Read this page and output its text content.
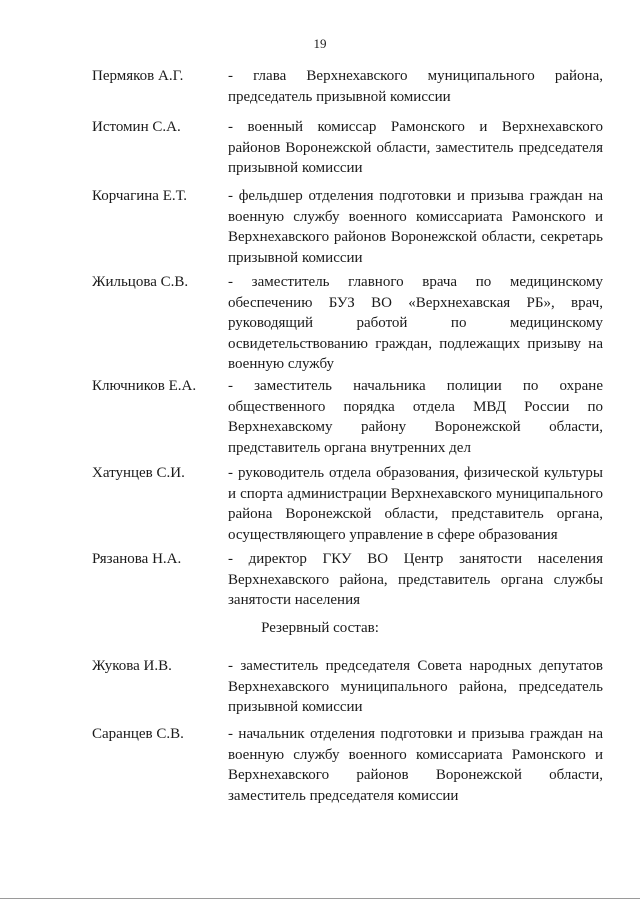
19
Пермяков А.Г.	- глава Верхнехавского муниципального района, председатель призывной комиссии
Истомин С.А.	- военный комиссар Рамонского и Верхнехавского районов Воронежской области, заместитель председателя призывной комиссии
Корчагина Е.Т.	- фельдшер отделения подготовки и призыва граждан на военную службу военного комиссариата Рамонского и Верхнехавского районов Воронежской области, секретарь призывной комиссии
Жильцова С.В.	- заместитель главного врача по медицинскому обеспечению БУЗ ВО «Верхнехавская РБ», врач, руководящий работой по медицинскому освидетельствованию граждан, подлежащих призыву на военную службу
Ключников Е.А. - заместитель начальника полиции по охране общественного порядка отдела МВД России по Верхнехавскому району Воронежской области, представитель органа внутренних дел
Хатунцев С.И.	- руководитель отдела образования, физической культуры и спорта администрации Верхнехавского муниципального района Воронежской области, представитель органа, осуществляющего управление в сфере образования
Рязанова Н.А.	- директор ГКУ ВО Центр занятости населения Верхнехавского района, представитель органа службы занятости населения
Резервный состав:
Жукова И.В.	- заместитель председателя Совета народных депутатов Верхнехавского муниципального района, председатель призывной комиссии
Саранцев С.В.	- начальник отделения подготовки и призыва граждан на военную службу военного комиссариата Рамонского и Верхнехавского районов Воронежской области, заместитель председателя комиссии
